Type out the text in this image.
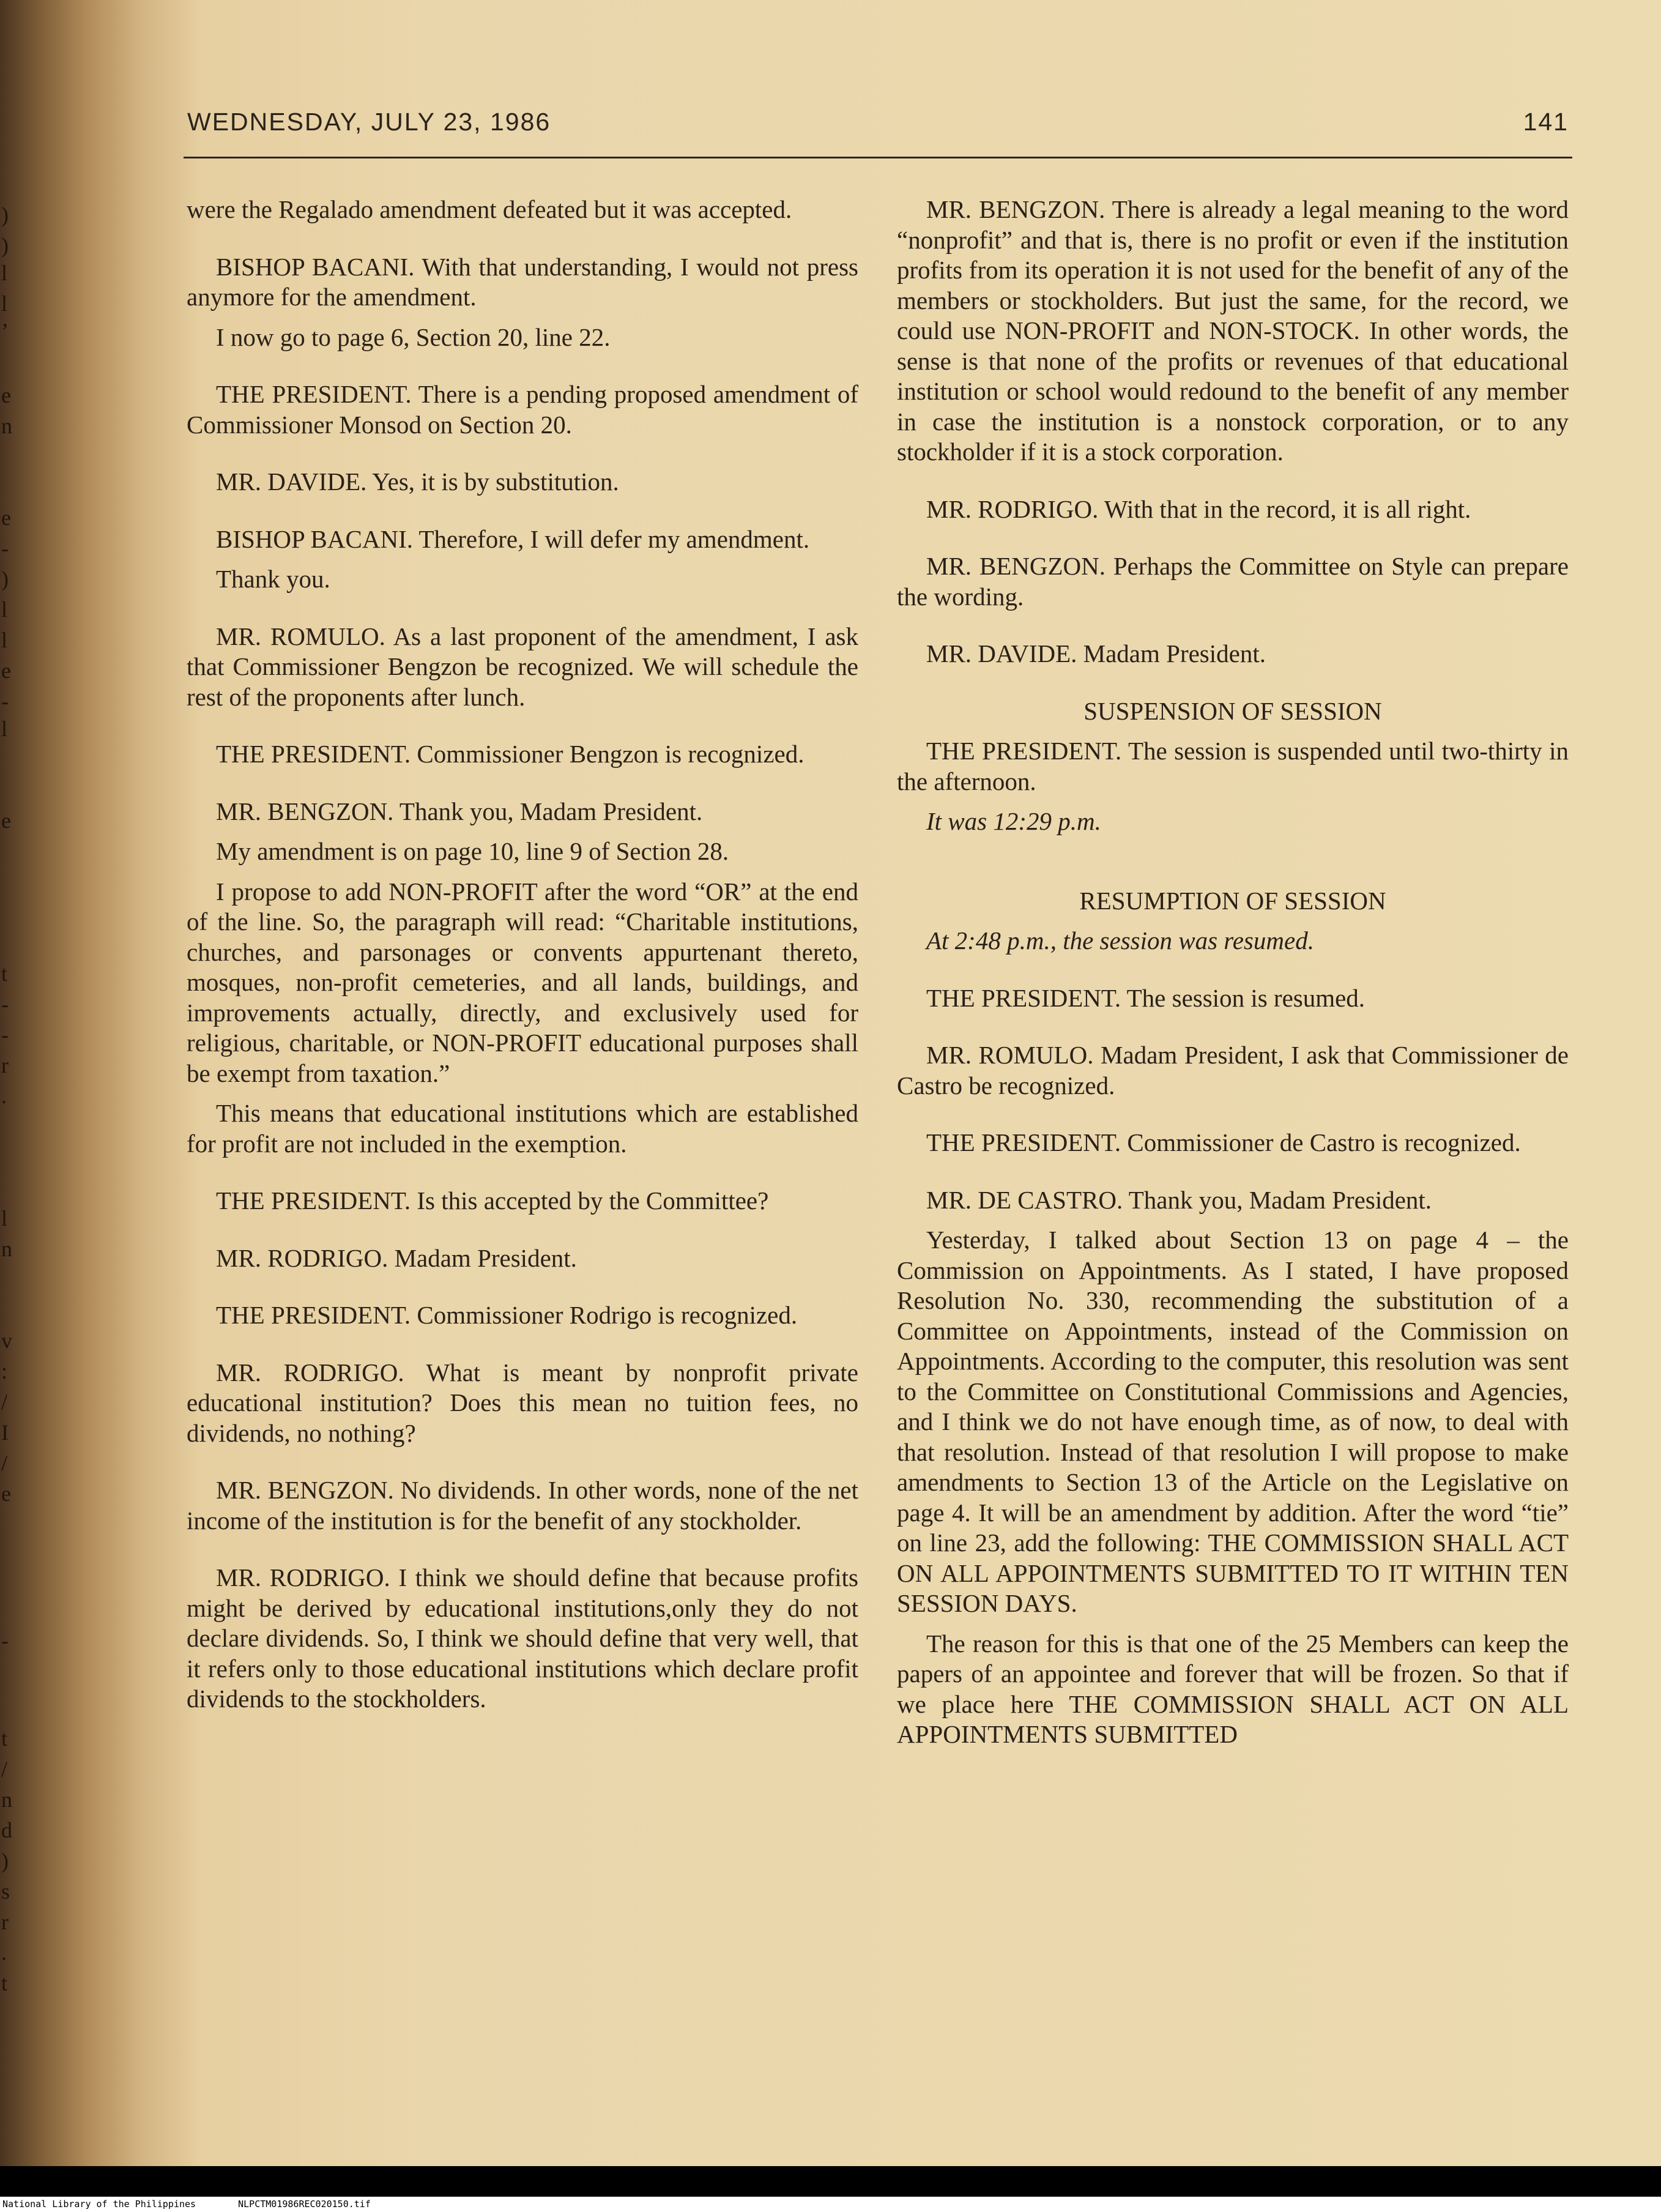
)
)
l
l
’
e
n
e
-
)
l
l
e
-
l
e
t
-
-
r
.
l
n
v
:
/
I
/
e
-
t
/
n
d
)
s
r
.
t
WEDNESDAY, JULY 23, 1986	141

were the Regalado amendment defeated but it was accepted.

BISHOP BACANI. With that understanding, I would not press anymore for the amendment.

I now go to page 6, Section 20, line 22.

THE PRESIDENT. There is a pending proposed amendment of Commissioner Monsod on Section 20.

MR. DAVIDE. Yes, it is by substitution.

BISHOP BACANI. Therefore, I will defer my amendment.

Thank you.

MR. ROMULO. As a last proponent of the amendment, I ask that Commissioner Bengzon be recognized. We will schedule the rest of the proponents after lunch.

THE PRESIDENT. Commissioner Bengzon is recognized.

MR. BENGZON. Thank you, Madam President.

My amendment is on page 10, line 9 of Section 28.

I propose to add NON-PROFIT after the word “OR” at the end of the line. So, the paragraph will read: “Charitable institutions, churches, and parsonages or convents appurtenant thereto, mosques, non-profit cemeteries, and all lands, buildings, and improvements actually, directly, and exclusively used for religious, charitable, or NON-PROFIT educational purposes shall be exempt from taxation.”

This means that educational institutions which are established for profit are not included in the exemption.

THE PRESIDENT. Is this accepted by the Committee?

MR. RODRIGO. Madam President.

THE PRESIDENT. Commissioner Rodrigo is recognized.

MR. RODRIGO. What is meant by nonprofit private educational institution? Does this mean no tuition fees, no dividends, no nothing?

MR. BENGZON. No dividends. In other words, none of the net income of the institution is for the benefit of any stockholder.

MR. RODRIGO. I think we should define that because profits might be derived by educational institutions,only they do not declare dividends. So, I think we should define that very well, that it refers only to those educational institutions which declare profit dividends to the stockholders.

MR. BENGZON. There is already a legal meaning to the word “nonprofit” and that is, there is no profit or even if the institution profits from its operation it is not used for the benefit of any of the members or stockholders. But just the same, for the record, we could use NON-PROFIT and NON-STOCK. In other words, the sense is that none of the profits or revenues of that educational institution or school would redound to the benefit of any member in case the institution is a nonstock corporation, or to any stockholder if it is a stock corporation.

MR. RODRIGO. With that in the record, it is all right.

MR. BENGZON. Perhaps the Committee on Style can prepare the wording.

MR. DAVIDE. Madam President.

SUSPENSION OF SESSION

THE PRESIDENT. The session is suspended until two-thirty in the afternoon.

It was 12:29 p.m.

RESUMPTION OF SESSION

At 2:48 p.m., the session was resumed.

THE PRESIDENT. The session is resumed.

MR. ROMULO. Madam President, I ask that Commissioner de Castro be recognized.

THE PRESIDENT. Commissioner de Castro is recognized.

MR. DE CASTRO. Thank you, Madam President.

Yesterday, I talked about Section 13 on page 4 – the Commission on Appointments. As I stated, I have proposed Resolution No. 330, recommending the substitution of a Committee on Appointments, instead of the Commission on Appointments. According to the computer, this resolution was sent to the Committee on Constitutional Commissions and Agencies, and I think we do not have enough time, as of now, to deal with that resolution. Instead of that resolution I will propose to make amendments to Section 13 of the Article on the Legislative on page 4. It will be an amendment by addition. After the word “tie” on line 23, add the following: THE COMMISSION SHALL ACT ON ALL APPOINTMENTS SUBMITTED TO IT WITHIN TEN SESSION DAYS.

The reason for this is that one of the 25 Members can keep the papers of an appointee and forever that will be frozen. So that if we place here THE COMMISSION SHALL ACT ON ALL APPOINTMENTS SUBMITTED

National Library of the Philippines	NLPCTM01986REC020150.tif
